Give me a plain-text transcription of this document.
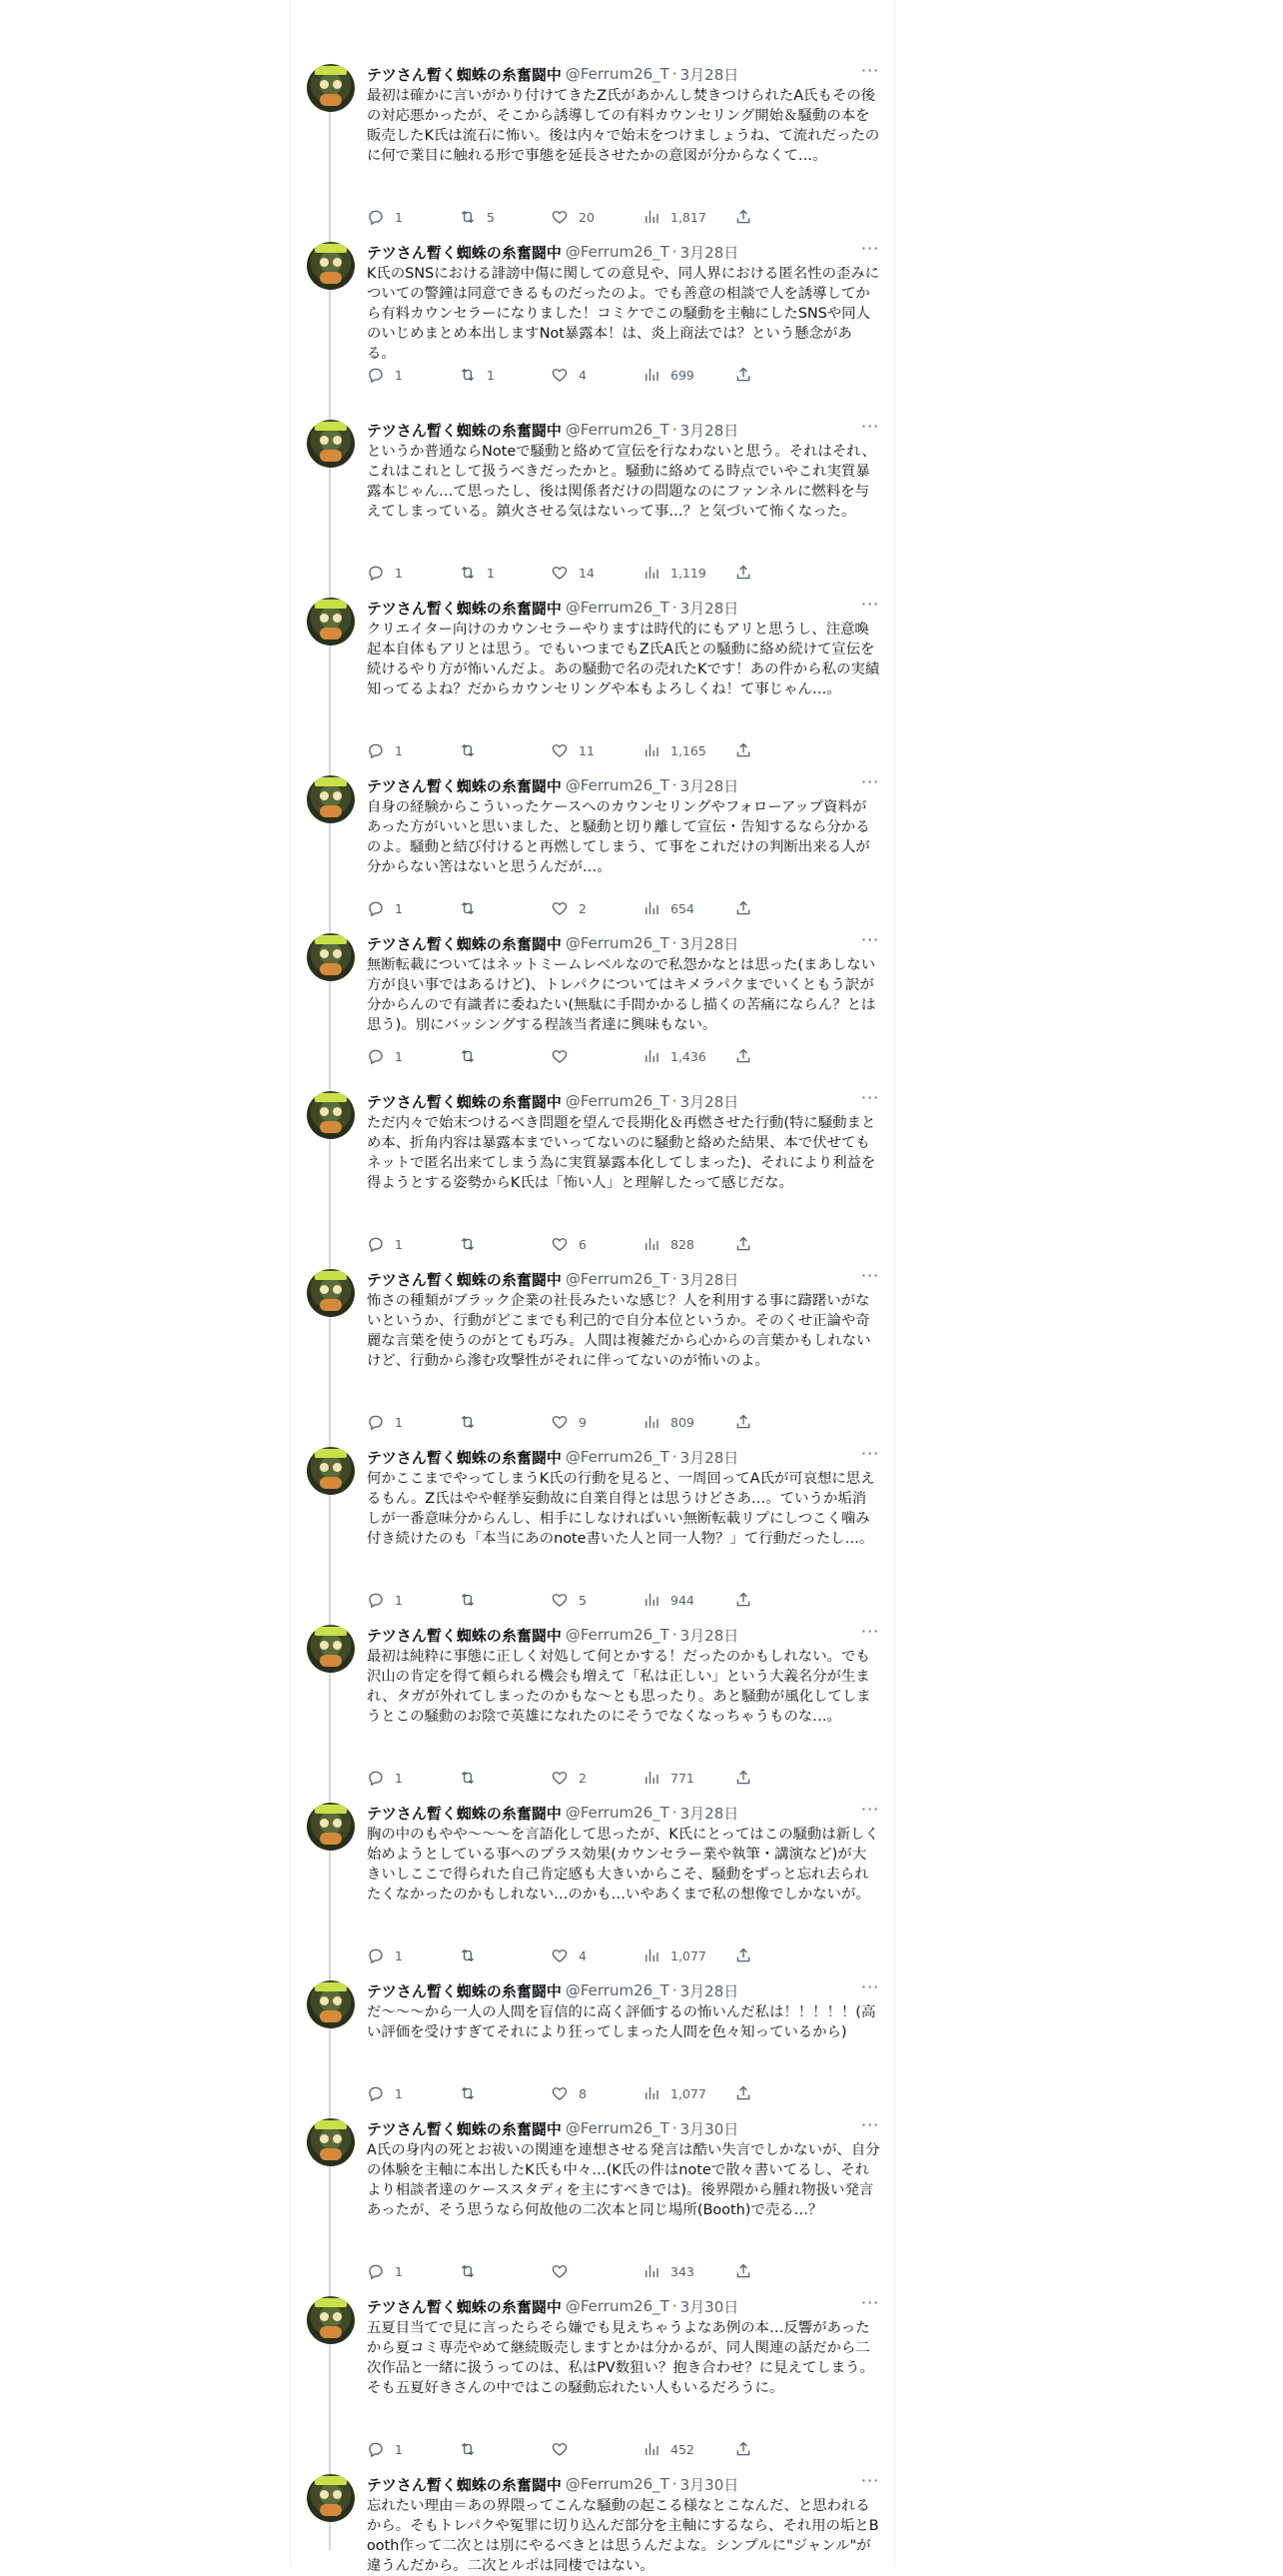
テツさん暫く蜘蛛の糸奮闘中 @Ferrum26_T · 3月28日	···
最初は確かに言いがかり付けてきたZ氏があかんし焚きつけられたA氏もその後の対応悪かったが、そこから誘導しての有料カウンセリング開始＆騒動の本を販売したK氏は流石に怖い。後は内々で始末をつけましょうね、て流れだったのに何で業目に触れる形で事態を延長させたかの意図が分からなくて…。
1	5	20	1,817
テツさん暫く蜘蛛の糸奮闘中 @Ferrum26_T · 3月28日	···
K氏のSNSにおける誹謗中傷に関しての意見や、同人界における匿名性の歪みについての警鐘は同意できるものだったのよ。でも善意の相談で人を誘導してから有料カウンセラーになりました！コミケでこの騒動を主軸にしたSNSや同人のいじめまとめ本出しますNot暴露本！は、炎上商法では？という懸念がある。
1	1	4	699
テツさん暫く蜘蛛の糸奮闘中 @Ferrum26_T · 3月28日	···
というか普通ならNoteで騒動と絡めて宣伝を行なわないと思う。それはそれ、これはこれとして扱うべきだったかと。騒動に絡めてる時点でいやこれ実質暴露本じゃん…て思ったし、後は関係者だけの問題なのにファンネルに燃料を与えてしまっている。鎮火させる気はないって事…？と気づいて怖くなった。
1	1	14	1,119
テツさん暫く蜘蛛の糸奮闘中 @Ferrum26_T · 3月28日	···
クリエイター向けのカウンセラーやりますは時代的にもアリと思うし、注意喚起本自体もアリとは思う。でもいつまでもZ氏A氏との騒動に絡め続けて宣伝を続けるやり方が怖いんだよ。あの騒動で名の売れたKです！あの件から私の実績知ってるよね？だからカウンセリングや本もよろしくね！て事じゃん…。
1	11	1,165
テツさん暫く蜘蛛の糸奮闘中 @Ferrum26_T · 3月28日	···
自身の経験からこういったケースへのカウンセリングやフォローアップ資料があった方がいいと思いました、と騒動と切り離して宣伝・告知するなら分かるのよ。騒動と結び付けると再燃してしまう、て事をこれだけの判断出来る人が分からない筈はないと思うんだが…。
1	2	654
テツさん暫く蜘蛛の糸奮闘中 @Ferrum26_T · 3月28日	···
無断転載についてはネットミームレベルなので私怨かなとは思った(まあしない方が良い事ではあるけど)、トレパクについてはキメラパクまでいくともう訳が分からんので有識者に委ねたい(無駄に手間かかるし描くの苦痛にならん？とは思う)。別にバッシングする程該当者達に興味もない。
1	1,436
テツさん暫く蜘蛛の糸奮闘中 @Ferrum26_T · 3月28日	···
ただ内々で始末つけるべき問題を望んで長期化＆再燃させた行動(特に騒動まとめ本、折角内容は暴露本までいってないのに騒動と絡めた結果、本で伏せてもネットで匿名出来てしまう為に実質暴露本化してしまった)、それにより利益を得ようとする姿勢からK氏は「怖い人」と理解したって感じだな。
1	6	828
テツさん暫く蜘蛛の糸奮闘中 @Ferrum26_T · 3月28日	···
怖さの種類がブラック企業の社長みたいな感じ？人を利用する事に躊躇いがないというか、行動がどこまでも利己的で自分本位というか。そのくせ正論や奇麗な言葉を使うのがとても巧み。人間は複雑だから心からの言葉かもしれないけど、行動から滲む攻撃性がそれに伴ってないのが怖いのよ。
1	9	809
テツさん暫く蜘蛛の糸奮闘中 @Ferrum26_T · 3月28日	···
何かここまでやってしまうK氏の行動を見ると、一周回ってA氏が可哀想に思えるもん。Z氏はやや軽挙妄動故に自業自得とは思うけどさあ…。ていうか垢消しが一番意味分からんし、相手にしなければいい無断転載リプにしつこく噛み付き続けたのも「本当にあのnote書いた人と同一人物？」て行動だったし…。
1	5	944
テツさん暫く蜘蛛の糸奮闘中 @Ferrum26_T · 3月28日	···
最初は純粋に事態に正しく対処して何とかする！だったのかもしれない。でも沢山の肯定を得て頼られる機会も増えて「私は正しい」という大義名分が生まれ、タガが外れてしまったのかもな～とも思ったり。あと騒動が風化してしまうとこの騒動のお陰で英雄になれたのにそうでなくなっちゃうものな…。
1	2	771
テツさん暫く蜘蛛の糸奮闘中 @Ferrum26_T · 3月28日	···
胸の中のもやや～～～を言語化して思ったが、K氏にとってはこの騒動は新しく始めようとしている事へのプラス効果(カウンセラー業や執筆・講演など)が大きいしここで得られた自己肯定感も大きいからこそ、騒動をずっと忘れ去られたくなかったのかもしれない…のかも…いやあくまで私の想像でしかないが。
1	4	1,077
テツさん暫く蜘蛛の糸奮闘中 @Ferrum26_T · 3月28日	···
だ～～～から一人の人間を盲信的に高く評価するの怖いんだ私は！！！！！(高い評価を受けすぎてそれにより狂ってしまった人間を色々知っているから)
1	8	1,077
テツさん暫く蜘蛛の糸奮闘中 @Ferrum26_T · 3月30日	···
A氏の身内の死とお祓いの関連を連想させる発言は酷い失言でしかないが、自分の体験を主軸に本出したK氏も中々…(K氏の件はnoteで散々書いてるし、それより相談者達のケーススタディを主にすべきでは)。後界隈から腫れ物扱い発言あったが、そう思うなら何故他の二次本と同じ場所(Booth)で売る…？
1	343
テツさん暫く蜘蛛の糸奮闘中 @Ferrum26_T · 3月30日	···
五夏目当てで見に言ったらそら嫌でも見えちゃうよなあ例の本…反響があったから夏コミ専売やめて継続販売しますとかは分かるが、同人関連の話だから二次作品と一緒に扱うってのは、私はPV数狙い？抱き合わせ？に見えてしまう。そも五夏好きさんの中ではこの騒動忘れたい人もいるだろうに。
1	452
テツさん暫く蜘蛛の糸奮闘中 @Ferrum26_T · 3月30日	···
忘れたい理由＝あの界隈ってこんな騒動の起こる様なとこなんだ、と思われるから。そもトレパクや冤罪に切り込んだ部分を主軸にするなら、それ用の垢とBooth作って二次とは別にやるべきとは思うんだよな。シンプルに"ジャンル"が違うんだから。二次とルポは同棲ではない。
